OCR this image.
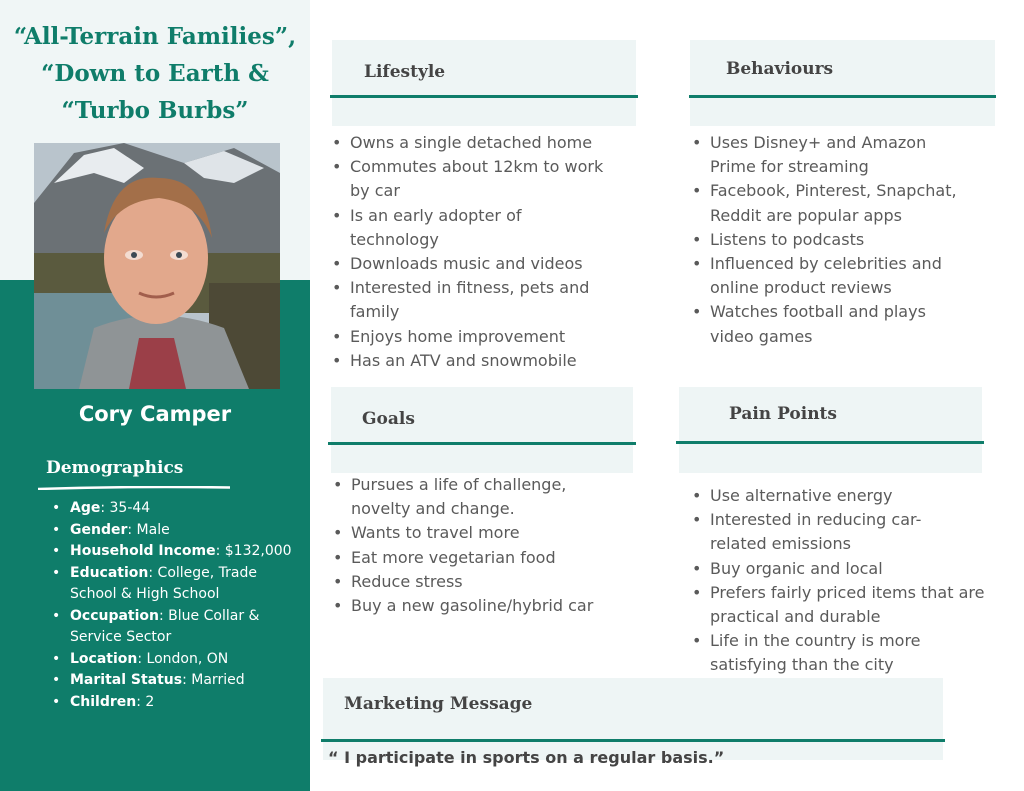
“All-Terrain Families”,
“Down to Earth &
“Turbo Burbs”
Cory Camper
Demographics
• Age: 35-44
• Gender: Male
• Household Income: $132,000
• Education: College, Trade School & High School
• Occupation: Blue Collar & Service Sector
• Location: London, ON
• Marital Status: Married
• Children: 2
Lifestyle
• Owns a single detached home
• Commutes about 12km to work by car
• Is an early adopter of technology
• Downloads music and videos
• Interested in fitness, pets and family
• Enjoys home improvement
• Has an ATV and snowmobile
Behaviours
• Uses Disney+ and Amazon Prime for streaming
• Facebook, Pinterest, Snapchat, Reddit are popular apps
• Listens to podcasts
• Influenced by celebrities and online product reviews
• Watches football and plays video games
Goals
• Pursues a life of challenge, novelty and change.
• Wants to travel more
• Eat more vegetarian food
• Reduce stress
• Buy a new gasoline/hybrid car
Pain Points
• Use alternative energy
• Interested in reducing car-related emissions
• Buy organic and local
• Prefers fairly priced items that are practical and durable
• Life in the country is more satisfying than the city
Marketing Message
“ I participate in sports on a regular basis.”
